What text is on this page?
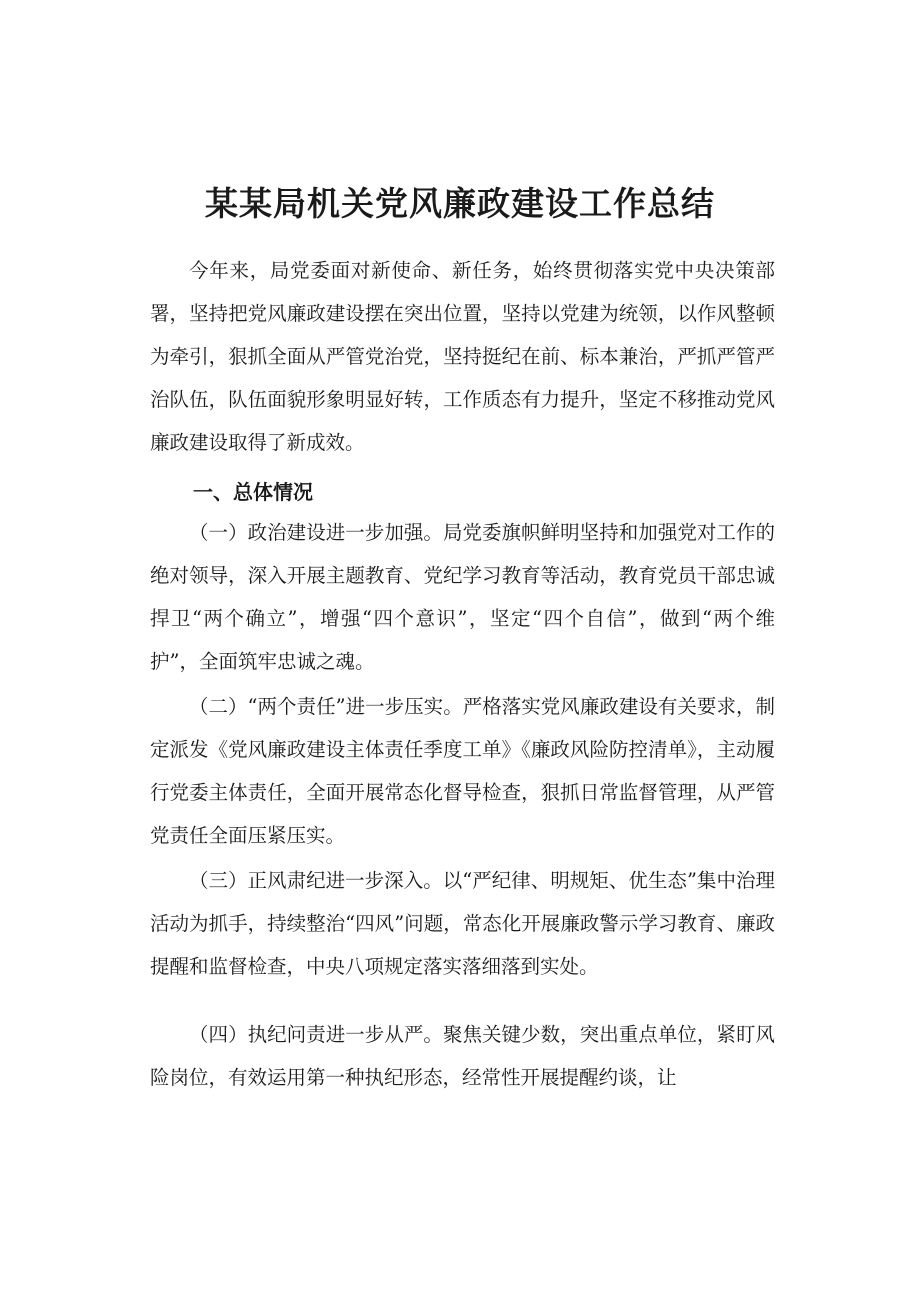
某某局机关党风廉政建设工作总结

今年来，局党委面对新使命、新任务，始终贯彻落实党中央决策部署，坚持把党风廉政建设摆在突出位置，坚持以党建为统领，以作风整顿为牵引，狠抓全面从严管党治党，坚持挺纪在前、标本兼治，严抓严管严治队伍，队伍面貌形象明显好转，工作质态有力提升，坚定不移推动党风廉政建设取得了新成效。

一、总体情况

（一）政治建设进一步加强。局党委旗帜鲜明坚持和加强党对工作的绝对领导，深入开展主题教育、党纪学习教育等活动，教育党员干部忠诚捍卫“两个确立”，增强“四个意识”，坚定“四个自信”，做到“两个维护”，全面筑牢忠诚之魂。

（二）“两个责任”进一步压实。严格落实党风廉政建设有关要求，制定派发《党风廉政建设主体责任季度工单》《廉政风险防控清单》，主动履行党委主体责任，全面开展常态化督导检查，狠抓日常监督管理，从严管党责任全面压紧压实。

（三）正风肃纪进一步深入。以“严纪律、明规矩、优生态”集中治理活动为抓手，持续整治“四风”问题，常态化开展廉政警示学习教育、廉政提醒和监督检查，中央八项规定落实落细落到实处。

（四）执纪问责进一步从严。聚焦关键少数，突出重点单位，紧盯风险岗位，有效运用第一种执纪形态，经常性开展提醒约谈，让
